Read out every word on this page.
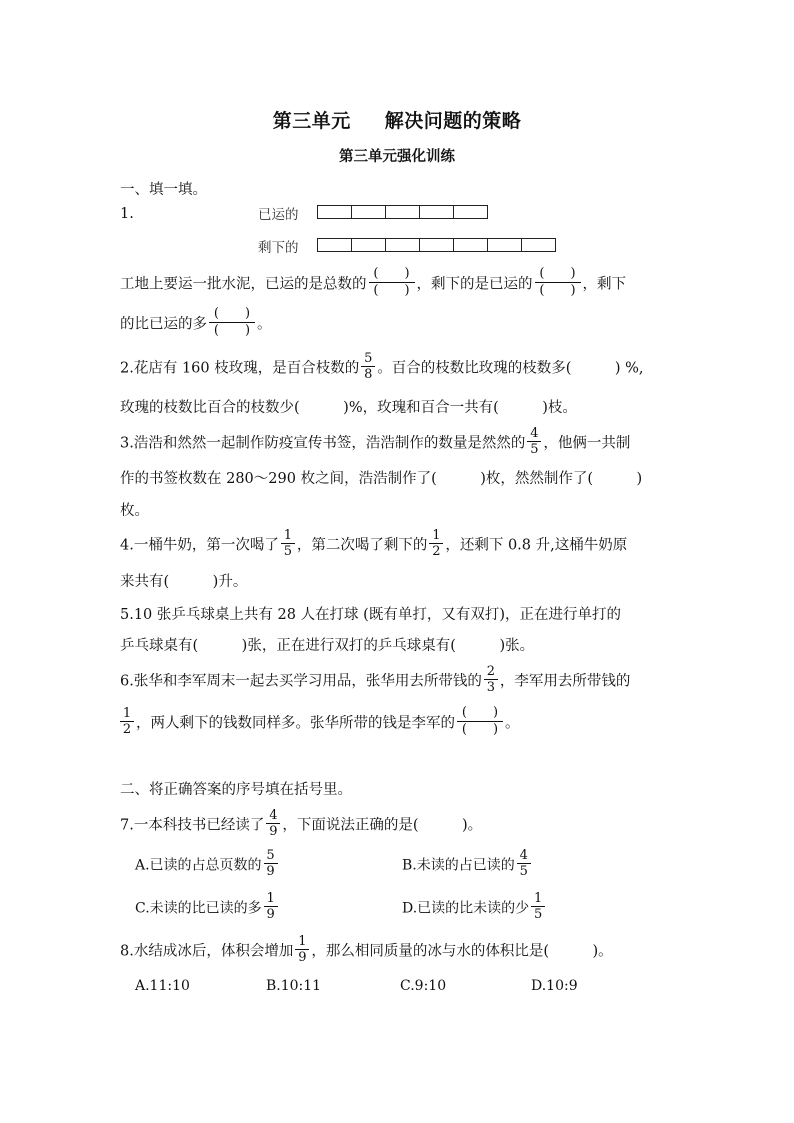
第三单元 解决问题的策略
第三单元强化训练
一、填一填。
1.	已运的
剩下的
工地上要运一批水泥，已运的是总数的 $\frac{( )}{( )}$ ，剩下的是已运的 $\frac{( )}{( )}$ ，剩下
的比已运的多 $\frac{( )}{( )}$ 。
2.花店有 160 枝玫瑰，是百合枝数的 $\frac{5}{8}$ 。百合的枝数比玫瑰的枝数多(　　　) %,
玫瑰的枝数比百合的枝数少(　　　)%，玫瑰和百合一共有(　　　)枝。
3.浩浩和然然一起制作防疫宣传书签，浩浩制作的数量是然然的 $\frac{4}{5}$ ，他俩一共制
作的书签枚数在 280～290 枚之间，浩浩制作了(　　　)枚，然然制作了(　　　)
枚。
4.一桶牛奶，第一次喝了 $\frac{1}{5}$ ，第二次喝了剩下的 $\frac{1}{2}$ ，还剩下 0.8 升,这桶牛奶原
来共有(　　　)升。
5.10 张乒乓球桌上共有 28 人在打球 (既有单打，又有双打)，正在进行单打的
乒乓球桌有(　　　)张，正在进行双打的乒乓球桌有(　　　)张。
6.张华和李军周末一起去买学习用品，张华用去所带钱的 $\frac{2}{3}$ ，李军用去所带钱的
$\frac{1}{2}$ ，两人剩下的钱数同样多。张华所带的钱是李军的 $\frac{( )}{( )}$ 。
二、将正确答案的序号填在括号里。
7.一本科技书已经读了 $\frac{4}{9}$ ，下面说法正确的是(　　　)。
A.已读的占总页数的 $\frac{5}{9}$	B.未读的占已读的 $\frac{4}{5}$
C.未读的比已读的多 $\frac{1}{9}$	D.已读的比未读的少 $\frac{1}{5}$
8.水结成冰后，体积会增加 $\frac{1}{9}$ ，那么相同质量的冰与水的体积比是(　　　)。
A.11:10	B.10:11	C.9:10	D.10:9
